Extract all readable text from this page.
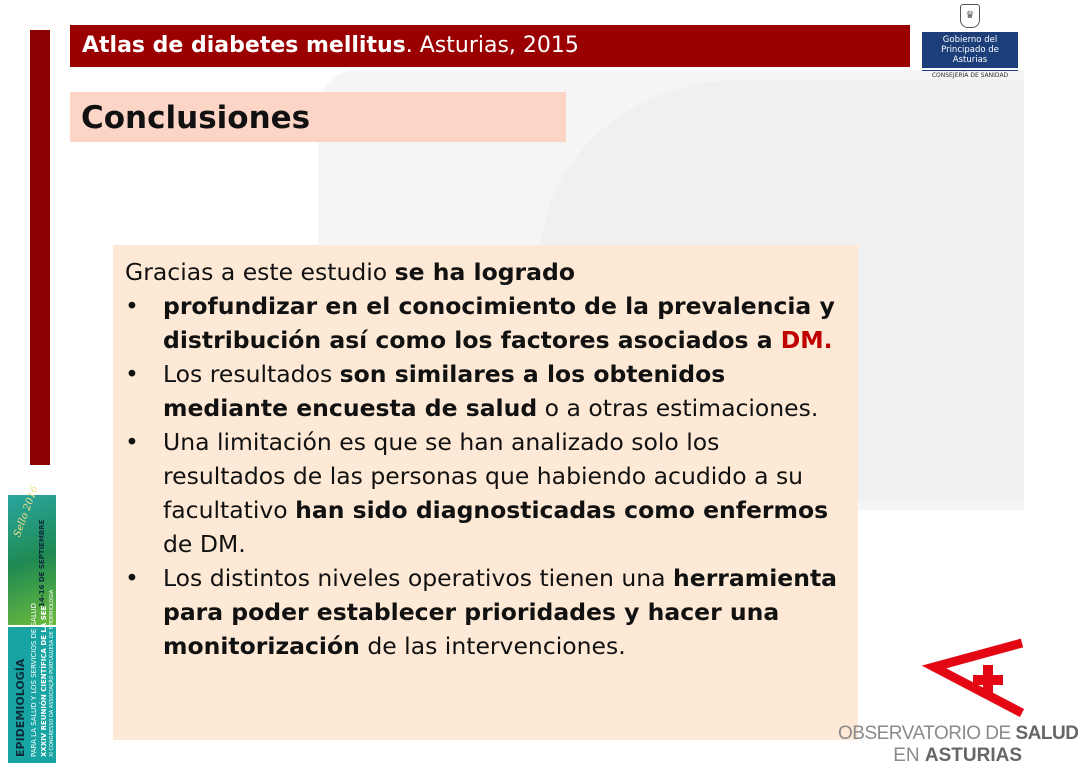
Atlas de diabetes mellitus. Asturias, 2015
♛
Gobierno del
Principado de Asturias
CONSEJERÍA DE SANIDAD
Conclusiones

Gracias a este estudio se ha logrado

• profundizar en el conocimiento de la prevalencia y distribución así como los factores asociados a DM.
• Los resultados son similares a los obtenidos mediante encuesta de salud o a otras estimaciones.
• Una limitación es que se han analizado solo los resultados de las personas que habiendo acudido a su facultativo han sido diagnosticadas como enfermos de DM.
• Los distintos niveles operativos tienen una herramienta para poder establecer prioridades y hacer una monitorización de las intervenciones.
Sello 2016
14-16 DE SEPTIEMBRE
EPIDEMIOLOGÍA PARA LA SALUD Y LOS SERVICIOS DE SALUD XXXIV REUNIÓN CIENTÍFICA DE LA SEE XI CONGRESSO DA ASSOCIAÇÃO PORTUGUESA DE EPIDEMIOLOGIA	OBSERVATORIO DE SALUD
EN ASTURIAS
